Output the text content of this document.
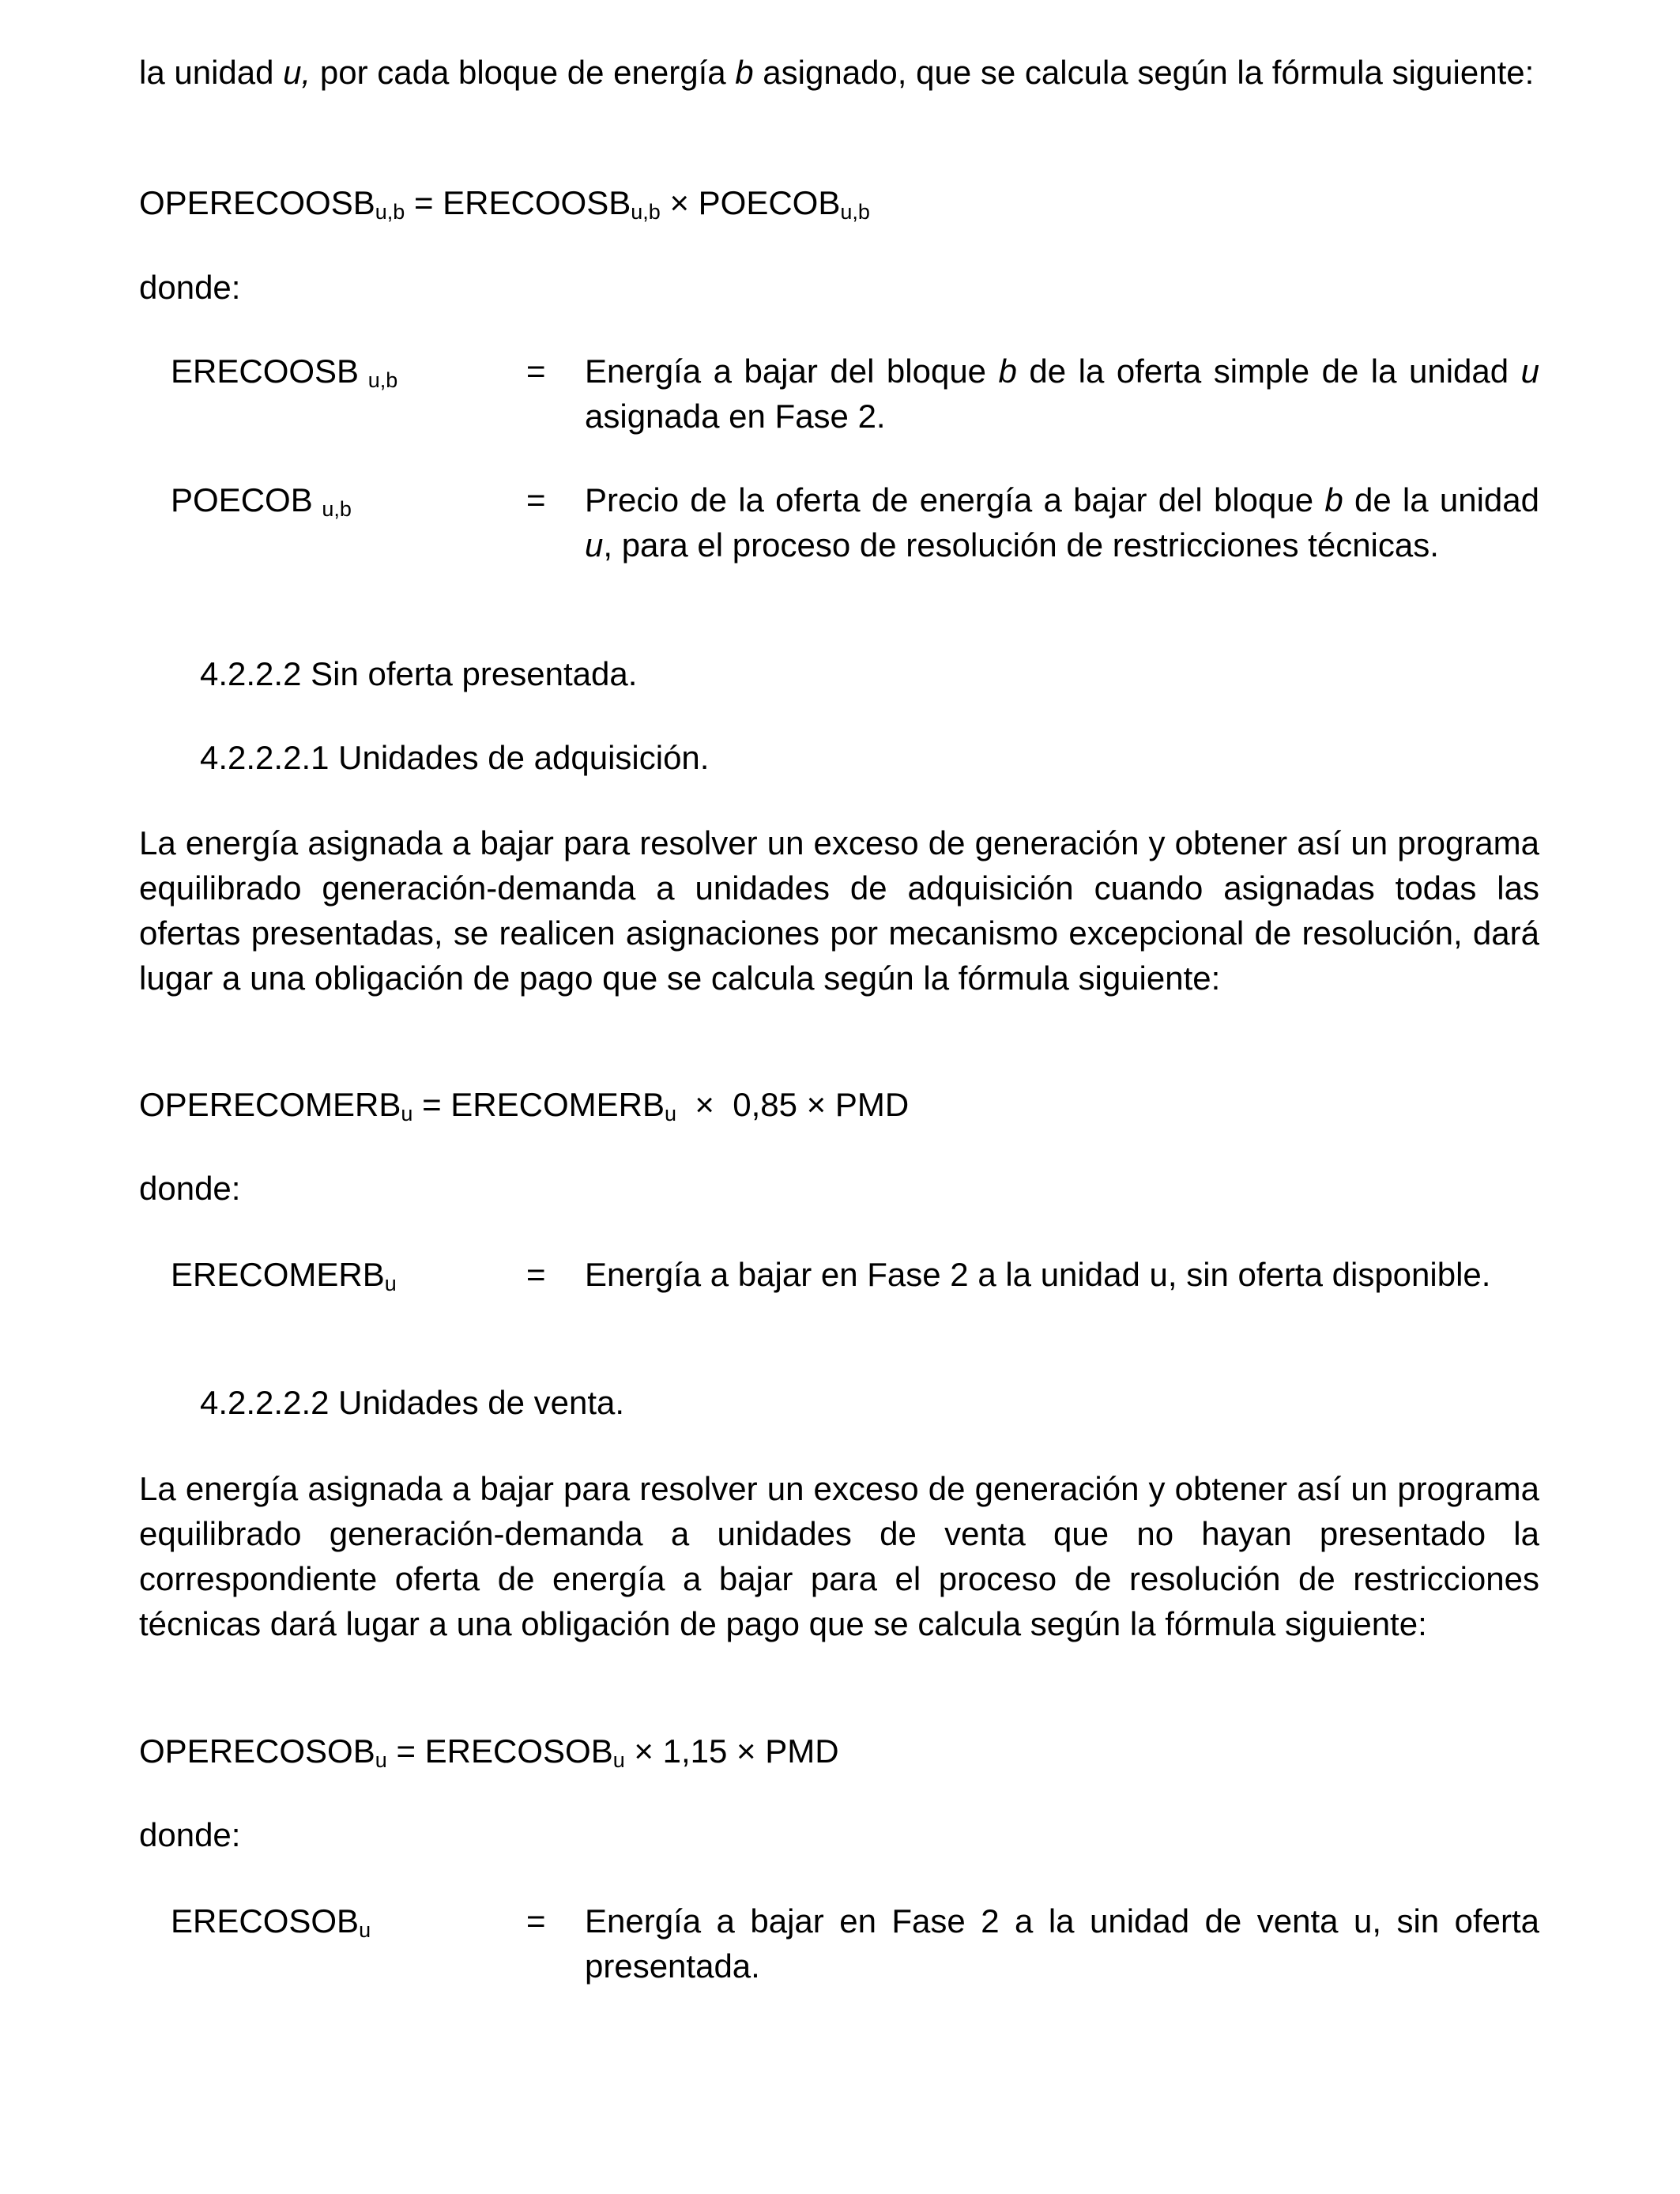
la unidad u, por cada bloque de energía b asignado, que se calcula según la fórmula siguiente:
$OPERECOOSB_{u,b}$ = $ERECOOSB_{u,b}$ × $POECOB_{u,b}$
donde:
ERECOOSB $_{u,b}$	= Energía a bajar del bloque b de la oferta simple de la unidad u asignada en Fase 2.
POECOB $_{u,b}$	= Precio de la oferta de energía a bajar del bloque b de la unidad u, para el proceso de resolución de restricciones técnicas.
4.2.2.2 Sin oferta presentada.
4.2.2.2.1 Unidades de adquisición.
La energía asignada a bajar para resolver un exceso de generación y obtener así un programa equilibrado generación-demanda a unidades de adquisición cuando asignadas todas las ofertas presentadas, se realicen asignaciones por mecanismo excepcional de resolución, dará lugar a una obligación de pago que se calcula según la fórmula siguiente:
$OPERECOMERB_u$ = $ERECOMERB_u \times 0,85$ × PMD
donde:
$ERECOMERB_u$	= Energía a bajar en Fase 2 a la unidad u, sin oferta disponible.
4.2.2.2.2 Unidades de venta.
La energía asignada a bajar para resolver un exceso de generación y obtener así un programa equilibrado generación-demanda a unidades de venta que no hayan presentado la correspondiente oferta de energía a bajar para el proceso de resolución de restricciones técnicas dará lugar a una obligación de pago que se calcula según la fórmula siguiente:
$OPERECOSOB_u$ = $ERECOSOB_u \times 1,15$ × PMD
donde:
$ERECOSOB_u$	= Energía a bajar en Fase 2 a la unidad de venta u, sin oferta presentada.
